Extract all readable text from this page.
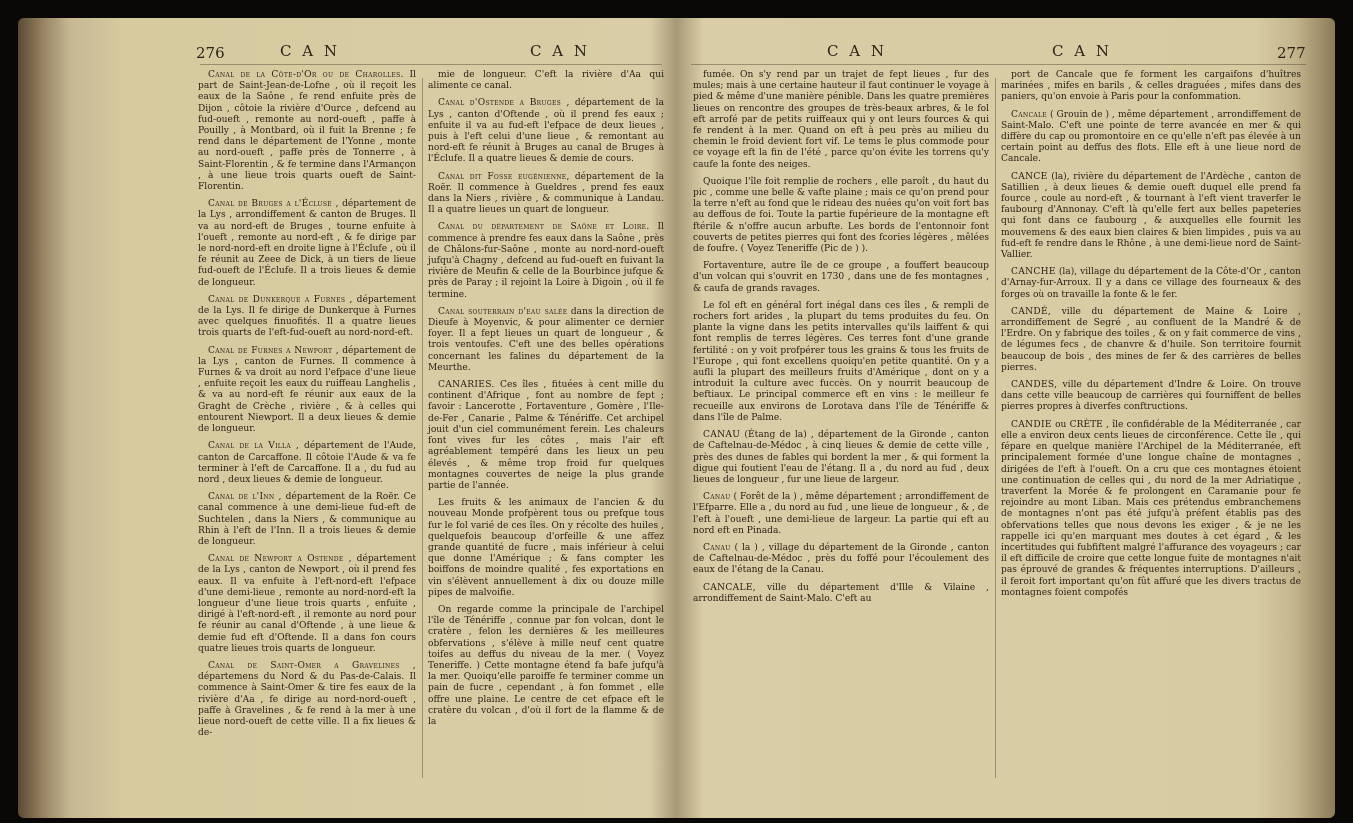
276	C A N	C A N

Canal de la Côte-d'Or ou de Charolles. Il part de Saint-Jean-de-Lofne , où il reçoit les eaux de la Saône , fe rend enfuite près de Dijon , côtoie la rivière d'Ource , defcend au fud-oueft , remonte au nord-oueft , paffe à Pouilly , à Montbard, où il fuit la Brenne ; fe rend dans le département de l'Yonne , monte au nord-oueft , paffe près de Tonnerre , à Saint-Florentin , & fe termine dans l'Armançon , à une lieue trois quarts oueft de Saint-Florentin.

Canal de Bruges a l'Écluse , département de la Lys , arrondiffement & canton de Bruges. Il va au nord-eft de Bruges , tourne enfuite à l'oueft , remonte au nord-eft , & fe dirige par le nord-nord-eft en droite ligne à l'Éclufe , où il fe réunit au Zeee de Dick, à un tiers de lieue fud-oueft de l'Éclufe. Il a trois lieues & demie de longueur.

Canal de Dunkerque a Furnes , département de la Lys. Il fe dirige de Dunkerque à Furnes avec quelques finuofités. Il a quatre lieues trois quarts de l'eft-fud-oueft au nord-nord-eft.

Canal de Furnes a Newport , département de la Lys , canton de Furnes. Il commence à Furnes & va droit au nord l'efpace d'une lieue , enfuite reçoit les eaux du ruiffeau Langhelis , & va au nord-eft fe réunir aux eaux de la Graght de Crèche , rivière , & à celles qui entourent Niewport. Il a deux lieues & demie de longueur.

Canal de la Villa , département de l'Aude, canton de Carcaffone. Il côtoie l'Aude & va fe terminer à l'eft de Carcaffone. Il a , du fud au nord , deux lieues & demie de longueur.

Canal de l'Inn , département de la Roër. Ce canal commence à une demi-lieue fud-eft de Suchtelen , dans la Niers , & communique au Rhin à l'eft de l'Inn. Il a trois lieues & demie de longueur.

Canal de Newport a Ostende , département de la Lys , canton de Newport , où il prend fes eaux. Il va enfuite à l'eft-nord-eft l'efpace d'une demi-lieue , remonte au nord-nord-eft la longueur d'une lieue trois quarts , enfuite , dirigé à l'eft-nord-eft , il remonte au nord pour fe réunir au canal d'Oftende , à une lieue & demie fud eft d'Oftende. Il a dans fon cours quatre lieues trois quarts de longueur.

Canal de Saint-Omer a Gravelines , départemens du Nord & du Pas-de-Calais. Il commence à Saint-Omer & tire fes eaux de la rivière d'Aa , fe dirige au nord-nord-oueft , paffe à Gravelines , & fe rend à la mer à une lieue nord-oueft de cette ville. Il a fix lieues & de-

mie de longueur. C'eft la rivière d'Aa qui alimente ce canal.

Canal d'Ostende a Bruges , département de la Lys , canton d'Oftende , où il prend fes eaux ; enfuite il va au fud-eft l'efpace de deux lieues , puis à l'eft celui d'une lieue , & remontant au nord-eft fe réunit à Bruges au canal de Bruges à l'Éclufe. Il a quatre lieues & demie de cours.

Canal dit Fosse eugénienne, département de la Roër. Il commence à Gueldres , prend fes eaux dans la Niers , rivière , & communique à Landau. Il a quatre lieues un quart de longueur.

Canal du département de Saône et Loire. Il commence à prendre fes eaux dans la Saône , près de Châlons-fur-Saône , monte au nord-nord-oueft jufqu'à Chagny , defcend au fud-oueft en fuivant la rivière de Meufin & celle de la Bourbince jufque & près de Paray ; il rejoint la Loire à Digoin , où il fe termine.

Canal souterrain d'eau salée dans la direction de Dieufe à Moyenvic, & pour alimenter ce dernier foyer. Il a fept lieues un quart de longueur , & trois ventoufes. C'eft une des belles opérations concernant les falines du département de la Meurthe.

CANARIES. Ces îles , fituées à cent mille du continent d'Afrique , font au nombre de fept ; favoir : Lancerotte , Fortaventure , Gomère , l'Ile-de-Fer , Canarie , Palme & Ténériffe. Cet archipel jouit d'un ciel communément ferein. Les chaleurs font vives fur les côtes , mais l'air eft agréablement tempéré dans les lieux un peu élevés , & même trop froid fur quelques montagnes couvertes de neige la plus grande partie de l'année.

Les fruits & les animaux de l'ancien & du nouveau Monde profpèrent tous ou prefque tous fur le fol varié de ces îles. On y récolte des huiles , quelquefois beaucoup d'orfeille & une affez grande quantité de fucre , mais inférieur à celui que donne l'Amérique ; & fans compter les boiffons de moindre qualité , fes exportations en vin s'élèvent annuellement à dix ou douze mille pipes de malvoifie.

On regarde comme la principale de l'archipel l'île de Ténériffe , connue par fon volcan, dont le cratère , felon les dernières & les meilleures obfervations , s'élève à mille neuf cent quatre toifes au deffus du niveau de la mer. ( Voyez Teneriffe. ) Cette montagne étend fa bafe jufqu'à la mer. Quoiqu'elle paroiffe fe terminer comme un pain de fucre , cependant , à fon fommet , elle offre une plaine. Le centre de cet efpace eft le cratère du volcan , d'où il fort de la flamme & de la

C A N	C A N	277

fumée. On s'y rend par un trajet de fept lieues , fur des mules; mais à une certaine hauteur il faut continuer le voyage à pied & même d'une manière pénible. Dans les quatre premières lieues on rencontre des groupes de très-beaux arbres, & le fol eft arrofé par de petits ruiffeaux qui y ont leurs fources & qui fe rendent à la mer. Quand on eft à peu près au milieu du chemin le froid devient fort vif. Le tems le plus commode pour ce voyage eft la fin de l'été , parce qu'on évite les torrens qu'y caufe la fonte des neiges.

Quoique l'île foit remplie de rochers , elle paroît , du haut du pic , comme une belle & vafte plaine ; mais ce qu'on prend pour la terre n'eft au fond que le rideau des nuées qu'on voit fort bas au deffous de foi. Toute la partie fupérieure de la montagne eft ftérile & n'offre aucun arbufte. Les bords de l'entonnoir font couverts de petites pierres qui font des fcories légères , mêlées de foufre. ( Voyez Teneriffe (Pic de ) ).

Fortaventure, autre île de ce groupe , a fouffert beaucoup d'un volcan qui s'ouvrit en 1730 , dans une de fes montagnes , & caufa de grands ravages.

Le fol eft en général fort inégal dans ces îles , & rempli de rochers fort arides , la plupart du tems produites du feu. On plante la vigne dans les petits intervalles qu'ils laiffent & qui font remplis de terres légères. Ces terres font d'une grande fertilité : on y voit profpérer tous les grains & tous les fruits de l'Europe , qui font excellens quoiqu'en petite quantité. On y a aufli la plupart des meilleurs fruits d'Amérique , dont on y a introduit la culture avec fuccès. On y nourrit beaucoup de beftiaux. Le principal commerce eft en vins : le meilleur fe recueille aux environs de Lorotava dans l'île de Ténériffe & dans l'île de Palme.

CANAU (Étang de la) , département de la Gironde , canton de Caftelnau-de-Médoc , à cinq lieues & demie de cette ville , près des dunes de fables qui bordent la mer , & qui forment la digue qui foutient l'eau de l'étang. Il a , du nord au fud , deux lieues de longueur , fur une lieue de largeur.

Canau ( Forêt de la ) , même département ; arrondiffement de l'Efparre. Elle a , du nord au fud , une lieue de longueur , & , de l'eft à l'oueft , une demi-lieue de largeur. La partie qui eft au nord eft en Pinada.

Canau ( la ) , village du département de la Gironde , canton de Caftelnau-de-Médoc , près du foffé pour l'écoulement des eaux de l'étang de la Canau.

CANCALE, ville du département d'Ille & Vilaine , arrondiffement de Saint-Malo. C'eft au

port de Cancale que fe forment les cargaifons d'huîtres marinées , mifes en barils , & celles draguées , mifes dans des paniers, qu'on envoie à Paris pour la confommation.

Cancale ( Grouin de ) , même département , arrondiffement de Saint-Malo. C'eft une pointe de terre avancée en mer & qui diffère du cap ou promontoire en ce qu'elle n'eft pas élevée à un certain point au deffus des flots. Elle eft à une lieue nord de Cancale.

CANCE (la), rivière du département de l'Ardèche , canton de Satillien , à deux lieues & demie oueft duquel elle prend fa fource , coule au nord-eft , & tournant à l'eft vient traverfer le faubourg d'Annonay. C'eft là qu'elle fert aux belles papeteries qui font dans ce faubourg , & auxquelles elle fournit les mouvemens & des eaux bien claires & bien limpides , puis va au fud-eft fe rendre dans le Rhône , à une demi-lieue nord de Saint-Vallier.

CANCHE (la), village du département de la Côte-d'Or , canton d'Arnay-fur-Arroux. Il y a dans ce village des fourneaux & des forges où on travaille la fonte & le fer.

CANDÉ, ville du département de Maine & Loire , arrondiffement de Segré , au confluent de la Mandré & de l'Erdre. On y fabrique des toiles , & on y fait commerce de vins , de légumes fecs , de chanvre & d'huile. Son territoire fournit beaucoup de bois , des mines de fer & des carrières de belles pierres.

CANDES, ville du département d'Indre & Loire. On trouve dans cette ville beaucoup de carrières qui fourniffent de belles pierres propres à diverfes conftructions.

CANDIE ou CRÈTE , île confidérable de la Méditerranée , car elle a environ deux cents lieues de circonférence. Cette île , qui fépare en quelque manière l'Archipel de la Méditerranée, eft principalement formée d'une longue chaîne de montagnes , dirigées de l'eft à l'oueft. On a cru que ces montagnes étoient une continuation de celles qui , du nord de la mer Adriatique , traverfent la Morée & fe prolongent en Caramanie pour fe rejoindre au mont Liban. Mais ces prétendus embranchemens de montagnes n'ont pas été jufqu'à préfent établis pas des obfervations telles que nous devons les exiger , & je ne les rappelle ici qu'en marquant mes doutes à cet égard , & les incertitudes qui fubfiftent malgré l'affurance des voyageurs ; car il eft difficile de croire que cette longue fuite de montagnes n'ait pas éprouvé de grandes & fréquentes interruptions. D'ailleurs , il feroit fort important qu'on fût affuré que les divers tractus de montagnes foient compofés
